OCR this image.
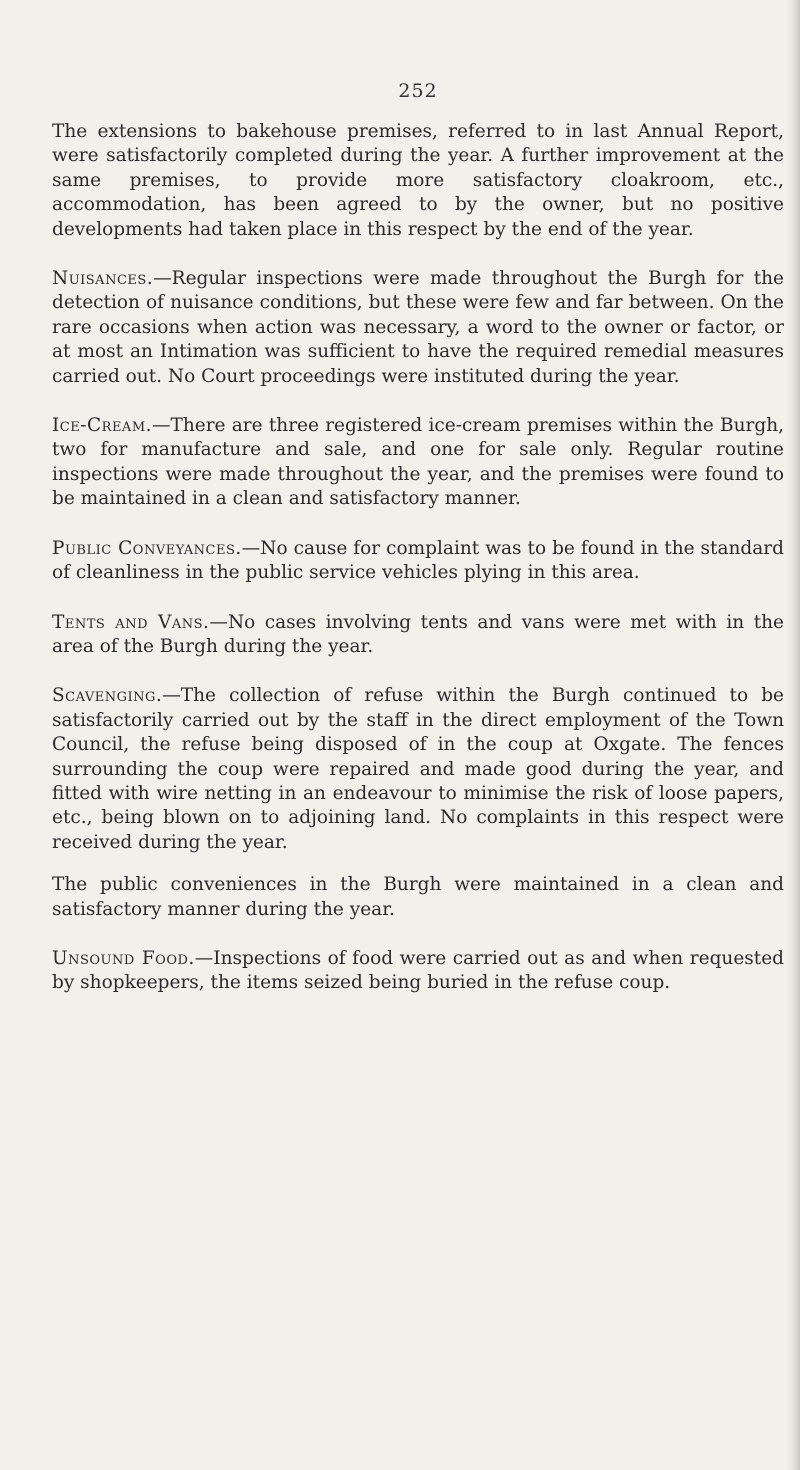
252

The extensions to bakehouse premises, referred to in last Annual Report, were satisfactorily completed during the year. A further improvement at the same premises, to provide more satisfactory cloakroom, etc., accommodation, has been agreed to by the owner, but no positive developments had taken place in this respect by the end of the year.

Nuisances.—Regular inspections were made throughout the Burgh for the detection of nuisance conditions, but these were few and far between. On the rare occasions when action was necessary, a word to the owner or factor, or at most an Intimation was sufficient to have the required remedial measures carried out. No Court proceedings were instituted during the year.

Ice-Cream.—There are three registered ice-cream premises within the Burgh, two for manufacture and sale, and one for sale only. Regular routine inspections were made throughout the year, and the premises were found to be maintained in a clean and satisfactory manner.

Public Conveyances.—No cause for complaint was to be found in the standard of cleanliness in the public service vehicles plying in this area.

Tents and Vans.—No cases involving tents and vans were met with in the area of the Burgh during the year.

Scavenging.—The collection of refuse within the Burgh continued to be satisfactorily carried out by the staff in the direct employment of the Town Council, the refuse being disposed of in the coup at Oxgate. The fences surrounding the coup were repaired and made good during the year, and fitted with wire netting in an endeavour to minimise the risk of loose papers, etc., being blown on to adjoining land. No complaints in this respect were received during the year.

The public conveniences in the Burgh were maintained in a clean and satisfactory manner during the year.

Unsound Food.—Inspections of food were carried out as and when requested by shopkeepers, the items seized being buried in the refuse coup.
